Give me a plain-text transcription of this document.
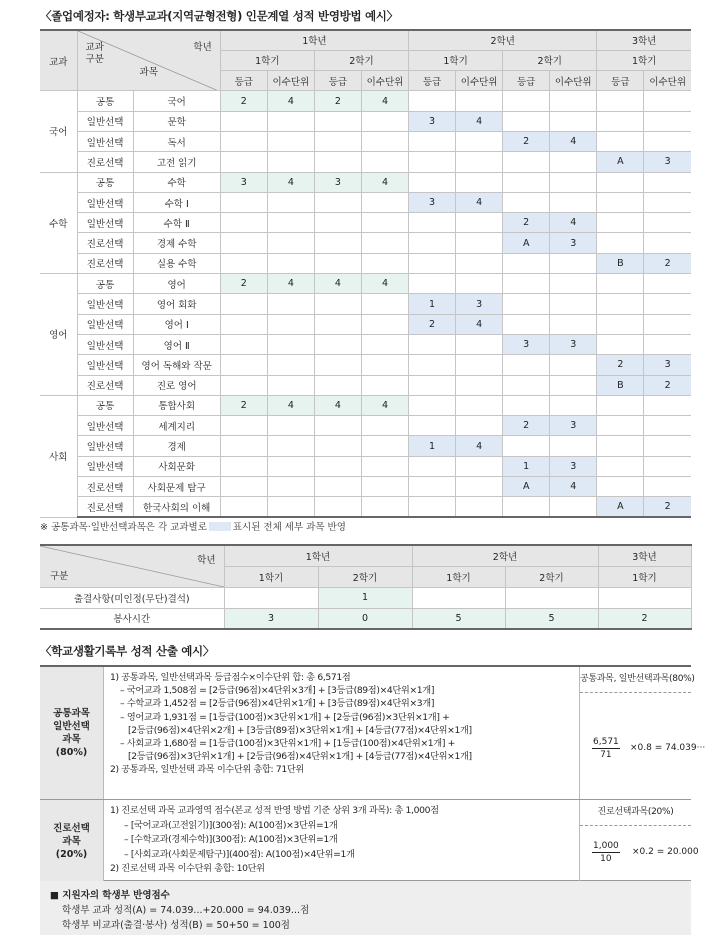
〈졸업예정자: 학생부교과(지역균형전형) 인문계열 성적 반영방법 예시〉
교과	학년
교과
구분
과목		1학년				2학년				3학년	
			1학기		2학기		1학기		2학기		1학기	
			등급	이수단위	등급	이수단위	등급	이수단위	등급	이수단위	등급	이수단위
국어	공통	국어	2	4	2	4						
	일반선택	문학					3	4				
	일반선택	독서							2	4		
	진로선택	고전 읽기									A	3
수학	공통	수학	3	4	3	4						
	일반선택	수학 Ⅰ					3	4				
	일반선택	수학 Ⅱ							2	4		
	진로선택	경제 수학							A	3		
	진로선택	실용 수학									B	2
영어	공통	영어	2	4	4	4						
	일반선택	영어 회화					1	3				
	일반선택	영어 Ⅰ					2	4				
	일반선택	영어 Ⅱ							3	3		
	일반선택	영어 독해와 작문									2	3
	진로선택	진로 영어									B	2
사회	공통	통합사회	2	4	4	4						
	일반선택	세계지리							2	3		
	일반선택	경제					1	4				
	일반선택	사회문화							1	3		
	진로선택	사회문제 탐구							A	4		
	진로선택	한국사회의 이해									A	2
※ 공통과목·일반선택과목은 각 교과별로	표시된 전체 세부 과목 반영
학년
구분	1학년		2학년		3학년
	1학기	2학기	1학기	2학기	1학기
출결사항(미인정(무단)결석)		1			
봉사시간	3	0	5	5	2
〈학교생활기록부 성적 산출 예시〉
공통과목
일반선택
과목
(80%)
1) 공통과목, 일반선택과목 등급점수×이수단위 합: 총 6,571점
– 국어교과 1,508점 = [2등급(96점)×4단위×3개] + [3등급(89점)×4단위×1개]
– 수학교과 1,452점 = [2등급(96점)×4단위×1개] + [3등급(89점)×4단위×3개]
– 영어교과 1,931점 = [1등급(100점)×3단위×1개] + [2등급(96점)×3단위×1개] +
[2등급(96점)×4단위×2개] + [3등급(89점)×3단위×1개] + [4등급(77점)×4단위×1개]
– 사회교과 1,680점 = [1등급(100점)×3단위×1개] + [1등급(100점)×4단위×1개] +
[2등급(96점)×3단위×1개] + [2등급(96점)×4단위×1개] + [4등급(77점)×4단위×1개]
2) 공통과목, 일반선택 과목 이수단위 총합: 71단위
공통과목, 일반선택과목(80%)
$\frac{6,571}{71} \times 0.8 = 74.039\cdot\cdot\cdot$
진로선택
과목
(20%)
1) 진로선택 과목 교과영역 점수(본교 성적 반영 방법 기준 상위 3개 과목): 총 1,000점
– [국어교과(고전읽기)](300점): A(100점)×3단위=1개
– [수학교과(경제수학)](300점): A(100점)×3단위=1개
– [사회교과(사회문제탐구)](400점): A(100점)×4단위=1개
2) 진로선택 과목 이수단위 총합: 10단위
진로선택과목(20%)
$\frac{1,000}{10} \times 0.2 = 20.000$
■ 지원자의 학생부 반영점수
학생부 교과 성적(A) = 74.039...+20.000 = 94.039...점
학생부 비교과(출결·봉사) 성적(B) = 50+50 = 100점
